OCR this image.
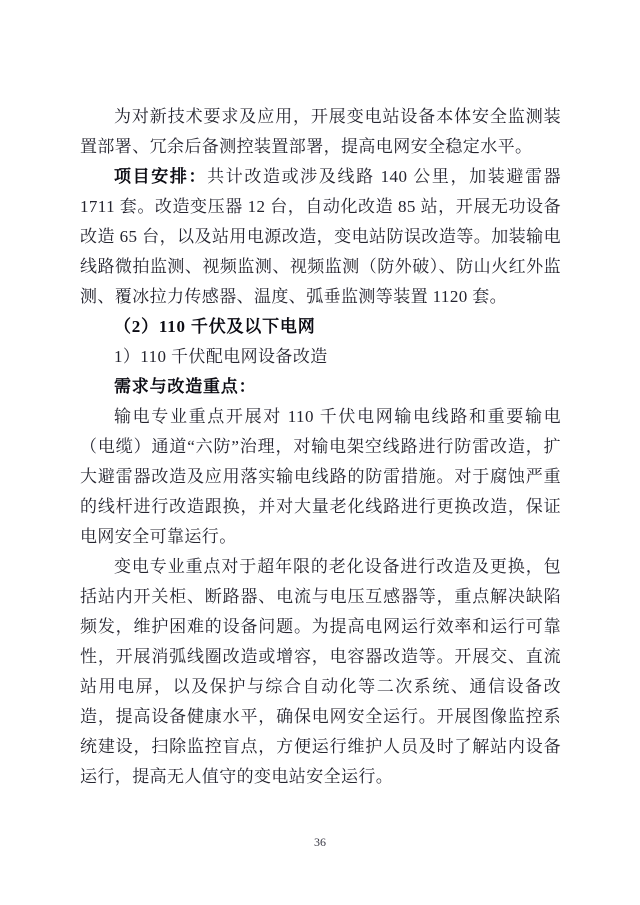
为对新技术要求及应用，开展变电站设备本体安全监测装置部署、冗余后备测控装置部署，提高电网安全稳定水平。

项目安排：共计改造或涉及线路 140 公里，加装避雷器 1711 套。改造变压器 12 台，自动化改造 85 站，开展无功设备改造 65 台，以及站用电源改造，变电站防误改造等。加装输电线路微拍监测、视频监测、视频监测（防外破）、防山火红外监测、覆冰拉力传感器、温度、弧垂监测等装置 1120 套。

（2）110 千伏及以下电网

1）110 千伏配电网设备改造

需求与改造重点：

输电专业重点开展对 110 千伏电网输电线路和重要输电（电缆）通道“六防”治理，对输电架空线路进行防雷改造，扩大避雷器改造及应用落实输电线路的防雷措施。对于腐蚀严重的线杆进行改造跟换，并对大量老化线路进行更换改造，保证电网安全可靠运行。

变电专业重点对于超年限的老化设备进行改造及更换，包括站内开关柜、断路器、电流与电压互感器等，重点解决缺陷频发，维护困难的设备问题。为提高电网运行效率和运行可靠性，开展消弧线圈改造或增容，电容器改造等。开展交、直流站用电屏，以及保护与综合自动化等二次系统、通信设备改造，提高设备健康水平，确保电网安全运行。开展图像监控系统建设，扫除监控盲点，方便运行维护人员及时了解站内设备运行，提高无人值守的变电站安全运行。

36
